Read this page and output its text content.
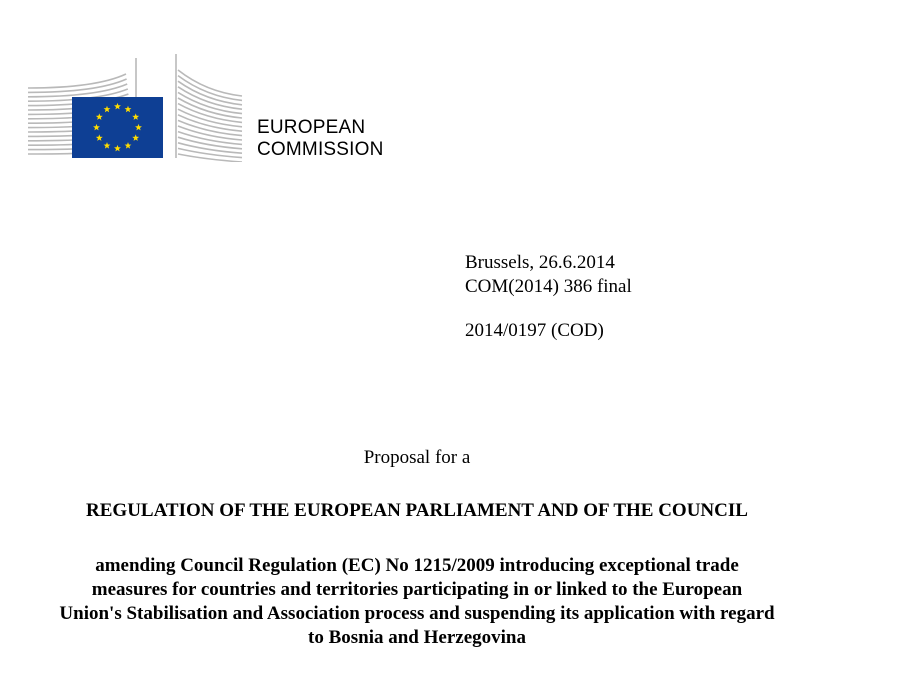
EUROPEAN
COMMISSION
Brussels, 26.6.2014
COM(2014) 386 final
2014/0197 (COD)
Proposal for a
REGULATION OF THE EUROPEAN PARLIAMENT AND OF THE COUNCIL
amending Council Regulation (EC) No 1215/2009 introducing exceptional trade
measures for countries and territories participating in or linked to the European
Union's Stabilisation and Association process and suspending its application with regard
to Bosnia and Herzegovina
